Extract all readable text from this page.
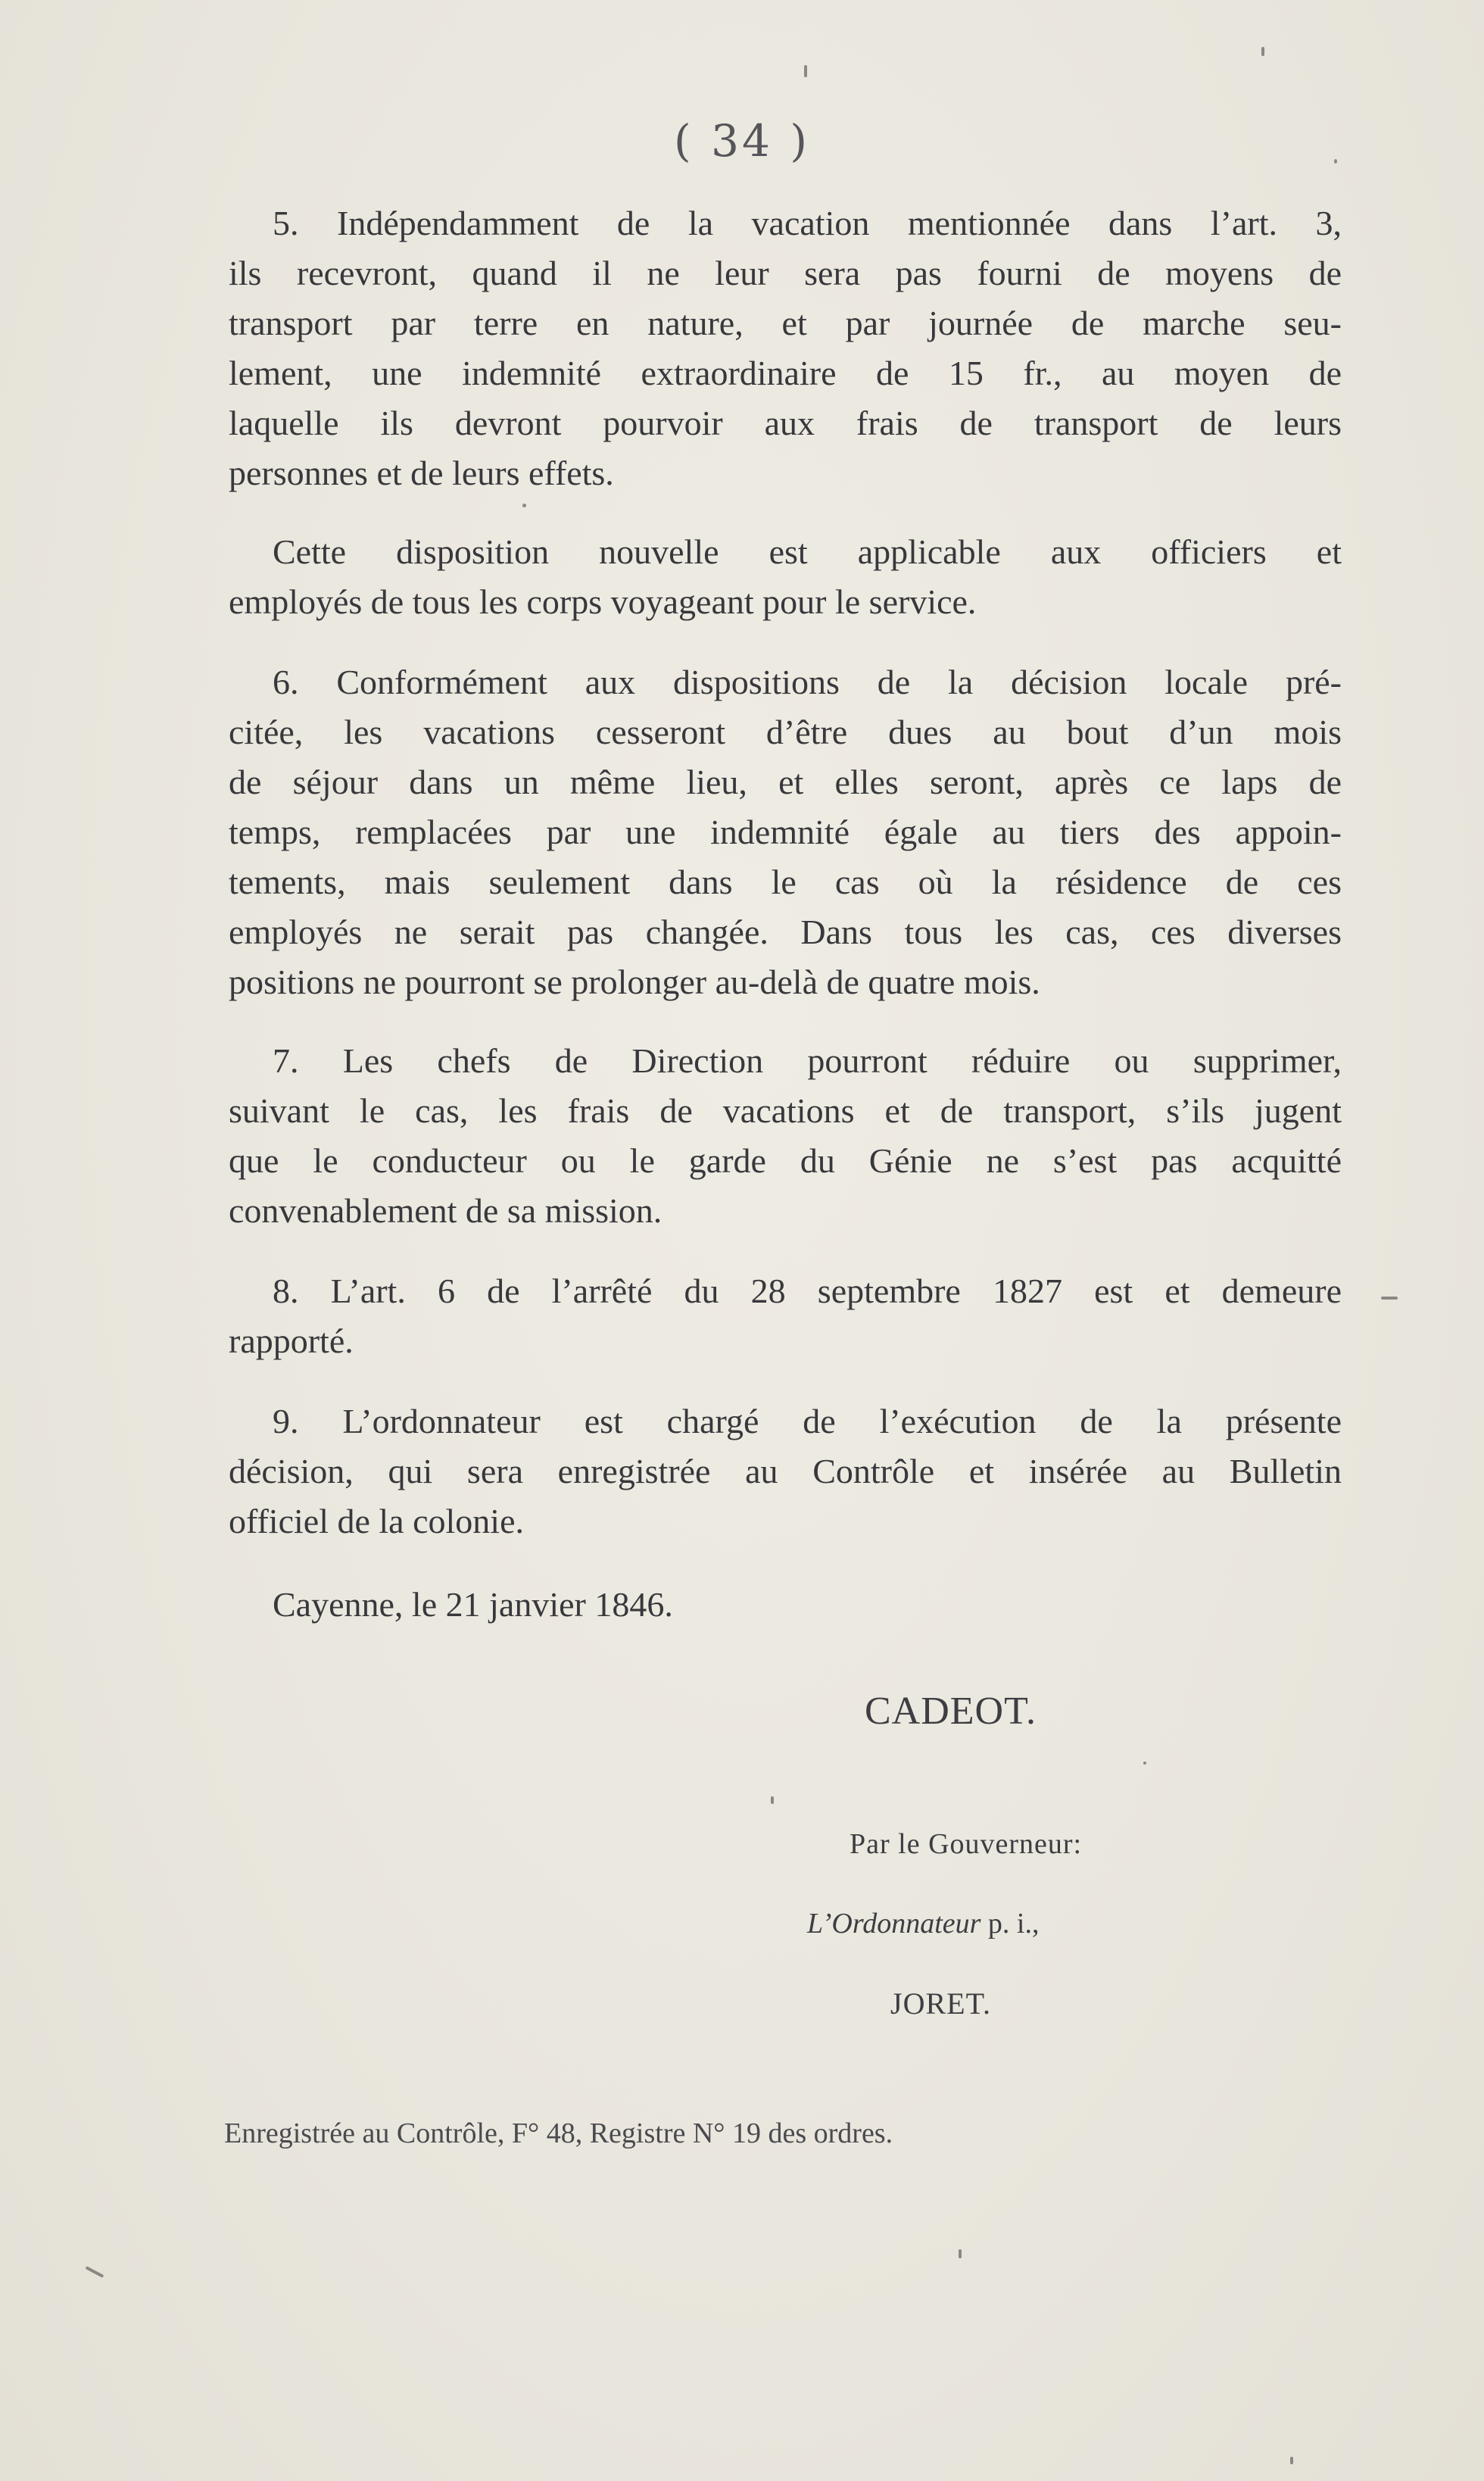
( 34 )

5. Indépendamment de la vacation mentionnée dans l’art. 3,
ils recevront, quand il ne leur sera pas fourni de moyens de
transport par terre en nature, et par journée de marche seu-
lement, une indemnité extraordinaire de 15 fr., au moyen de
laquelle ils devront pourvoir aux frais de transport de leurs
personnes et de leurs effets.

Cette disposition nouvelle est applicable aux officiers et
employés de tous les corps voyageant pour le service.

6. Conformément aux dispositions de la décision locale pré-
citée, les vacations cesseront d’être dues au bout d’un mois
de séjour dans un même lieu, et elles seront, après ce laps de
temps, remplacées par une indemnité égale au tiers des appoin-
tements, mais seulement dans le cas où la résidence de ces
employés ne serait pas changée. Dans tous les cas, ces diverses
positions ne pourront se prolonger au-delà de quatre mois.

7. Les chefs de Direction pourront réduire ou supprimer,
suivant le cas, les frais de vacations et de transport, s’ils jugent
que le conducteur ou le garde du Génie ne s’est pas acquitté
convenablement de sa mission.

8. L’art. 6 de l’arrêté du 28 septembre 1827 est et demeure
rapporté.

9. L’ordonnateur est chargé de l’exécution de la présente
décision, qui sera enregistrée au Contrôle et insérée au Bulletin
officiel de la colonie.

Cayenne, le 21 janvier 1846.

CADEOT.
Par le Gouverneur:
L’Ordonnateur p. i.,
JORET.
Enregistrée au Contrôle, F° 48, Registre N° 19 des ordres.
